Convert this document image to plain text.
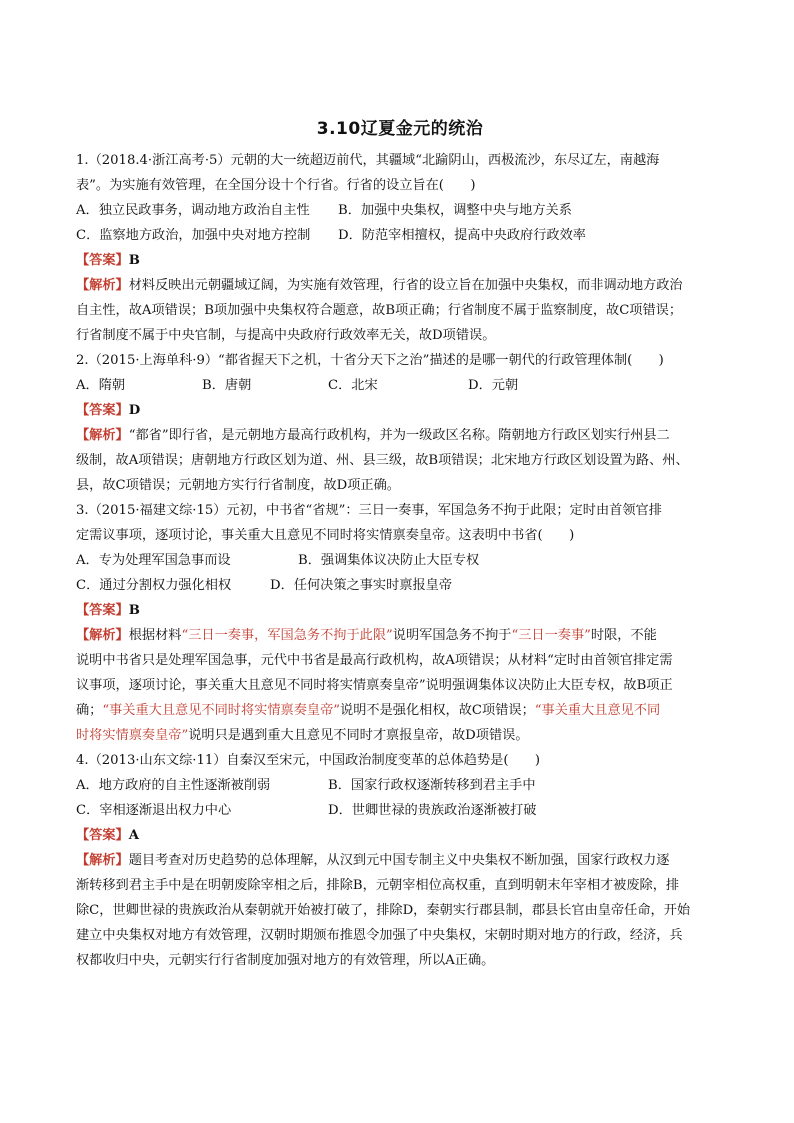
3.10辽夏金元的统治
1.（2018.4·浙江高考·5）元朝的大一统超迈前代，其疆域“北踰阴山，西极流沙，东尽辽左，南越海
表”。为实施有效管理，在全国分设十个行省。行省的设立旨在(　　)
A．独立民政事务，调动地方政治自主性 B．加强中央集权，调整中央与地方关系
C．监察地方政治，加强中央对地方控制 D．防范宰相擅权，提高中央政府行政效率
【答案】B
【解析】材料反映出元朝疆域辽阔，为实施有效管理，行省的设立旨在加强中央集权，而非调动地方政治
自主性，故A项错误；B项加强中央集权符合题意，故B项正确；行省制度不属于监察制度，故C项错误；
行省制度不属于中央官制，与提高中央政府行政效率无关，故D项错误。
2.（2015·上海单科·9）“都省握天下之机，十省分天下之治”描述的是哪一朝代的行政管理体制(　　)
A．隋朝	B．唐朝	C．北宋	D．元朝
【答案】D
【解析】“都省”即行省，是元朝地方最高行政机构，并为一级政区名称。隋朝地方行政区划实行州县二
级制，故A项错误；唐朝地方行政区划为道、州、县三级，故B项错误；北宋地方行政区划设置为路、州、
县，故C项错误；元朝地方实行行省制度，故D项正确。
3.（2015·福建文综·15）元初，中书省“省规”：三日一奏事，军国急务不拘于此限；定时由首领官排
定需议事项，逐项讨论，事关重大且意见不同时将实情禀奏皇帝。这表明中书省(　　)
A．专为处理军国急事而设	B．强调集体议决防止大臣专权
C．通过分割权力强化相权	D．任何决策之事实时禀报皇帝
【答案】B
【解析】根据材料“三日一奏事，军国急务不拘于此限”说明军国急务不拘于“三日一奏事”时限，不能
说明中书省只是处理军国急事，元代中书省是最高行政机构，故A项错误；从材料“定时由首领官排定需
议事项，逐项讨论，事关重大且意见不同时将实情禀奏皇帝”说明强调集体议决防止大臣专权，故B项正
确；“事关重大且意见不同时将实情禀奏皇帝”说明不是强化相权，故C项错误；“事关重大且意见不同
时将实情禀奏皇帝”说明只是遇到重大且意见不同时才禀报皇帝，故D项错误。
4.（2013·山东文综·11）自秦汉至宋元，中国政治制度变革的总体趋势是(　　)
A．地方政府的自主性逐渐被削弱	B．国家行政权逐渐转移到君主手中
C．宰相逐渐退出权力中心	D．世卿世禄的贵族政治逐渐被打破
【答案】A
【解析】题目考查对历史趋势的总体理解，从汉到元中国专制主义中央集权不断加强，国家行政权力逐
渐转移到君主手中是在明朝废除宰相之后，排除B，元朝宰相位高权重，直到明朝末年宰相才被废除，排
除C，世卿世禄的贵族政治从秦朝就开始被打破了，排除D，秦朝实行郡县制，郡县长官由皇帝任命，开始
建立中央集权对地方有效管理，汉朝时期颁布推恩令加强了中央集权，宋朝时期对地方的行政，经济，兵
权都收归中央，元朝实行行省制度加强对地方的有效管理，所以A正确。
